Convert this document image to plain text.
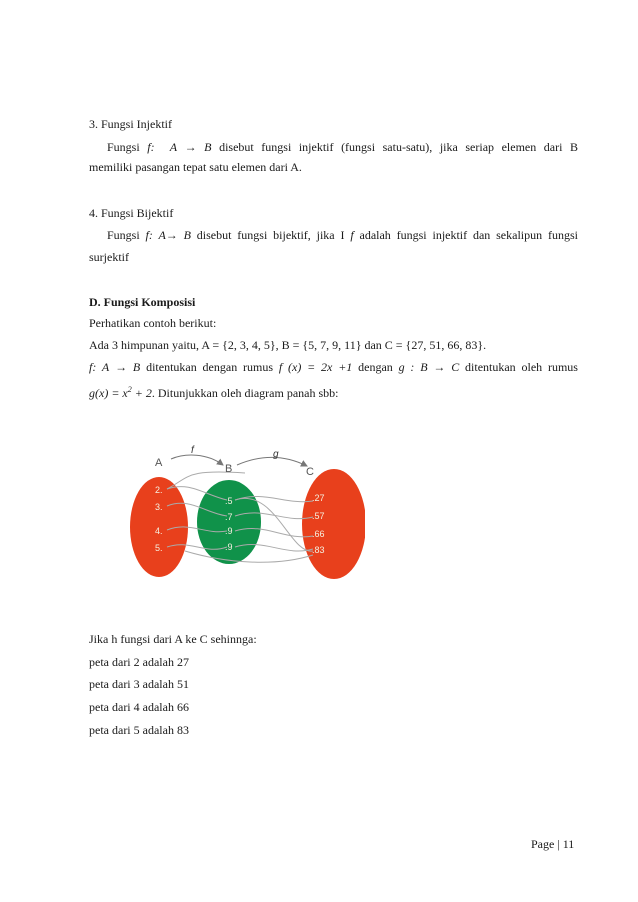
3. Fungsi Injektif
Fungsi f: A → B disebut fungsi injektif (fungsi satu-satu), jika seriap elemen dari B
memiliki pasangan tepat satu elemen dari A.
4. Fungsi Bijektif
Fungsi f: A→ B disebut fungsi bijektif, jika I f adalah fungsi injektif dan sekalipun fungsi
surjektif
D. Fungsi Komposisi
Perhatikan contoh berikut:
Ada 3 himpunan yaitu, A = {2, 3, 4, 5}, B = {5, 7, 9, 11} dan C = {27, 51, 66, 83}.
f: A → B ditentukan dengan rumus f (x) = 2x +1 dengan g : B → C ditentukan oleh rumus
$g(x) = x^2 + 2$. Ditunjukkan oleh diagram panah sbb:
f	g
A	B	C
2.
3.
4.
5.
.5
.7
.9
.9
.27
.57
.66
.83
Jika h fungsi dari A ke C sehinnga:
peta dari 2 adalah 27
peta dari 3 adalah 51
peta dari 4 adalah 66
peta dari 5 adalah 83
Page | 11
